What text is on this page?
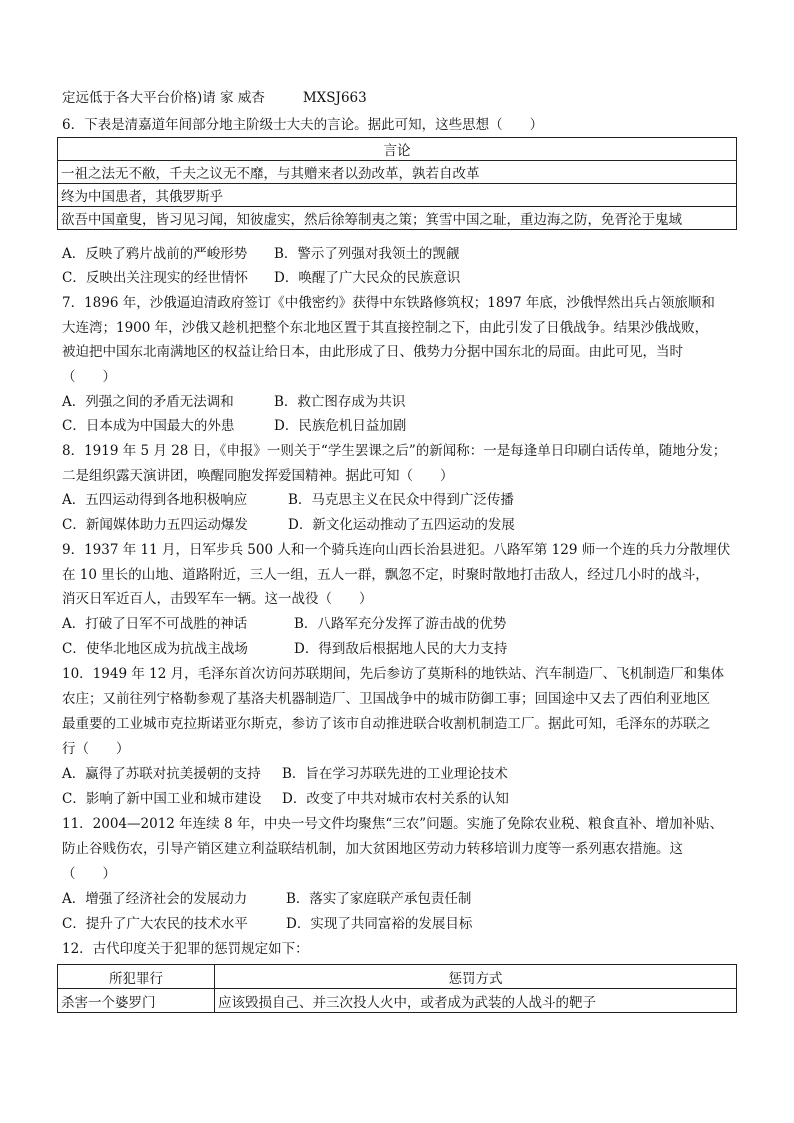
定远低于各大平台价格)请 家 威杏	MXSJ663
6．下表是清嘉道年间部分地主阶级士大夫的言论。据此可知，这些思想（　　）
言论
一祖之法无不敝，千夫之议无不靡，与其赠来者以劲改革，孰若自改革
终为中国患者，其俄罗斯乎
欲吾中国童叟，皆习见习闻，知彼虚实，然后徐筹制夷之策；箕雪中国之耻，重边海之防，免胥沦于鬼域
A．反映了鸦片战前的严峻形势 B．警示了列强对我领土的觊觎
C．反映出关注现实的经世情怀 D．唤醒了广大民众的民族意识
7．1896 年，沙俄逼迫清政府签订《中俄密约》获得中东铁路修筑权；1897 年底，沙俄悍然出兵占领旅顺和
大连湾；1900 年，沙俄又趁机把整个东北地区置于其直接控制之下，由此引发了日俄战争。结果沙俄战败，
被迫把中国东北南满地区的权益让给日本，由此形成了日、俄势力分据中国东北的局面。由此可见，当时
（　　）
A．列强之间的矛盾无法调和	B．救亡图存成为共识
C．日本成为中国最大的外患	D．民族危机日益加剧
8．1919 年 5 月 28 日，《申报》一则关于“学生罢课之后”的新闻称：一是每逢单日印刷白话传单，随地分发；
二是组织露天演讲团，唤醒同胞发挥爱国精神。据此可知（　　）
A．五四运动得到各地积极响应	B．马克思主义在民众中得到广泛传播
C．新闻媒体助力五四运动爆发	D．新文化运动推动了五四运动的发展
9．1937 年 11 月，日军步兵 500 人和一个骑兵连向山西长治县进犯。八路军第 129 师一个连的兵力分散埋伏
在 10 里长的山地、道路附近，三人一组，五人一群，飘忽不定，时聚时散地打击敌人，经过几小时的战斗，
消灭日军近百人，击毁军车一辆。这一战役（　　）
A．打破了日军不可战胜的神话	B．八路军充分发挥了游击战的优势
C．使华北地区成为抗战主战场	D．得到敌后根据地人民的大力支持
10．1949 年 12 月，毛泽东首次访问苏联期间，先后参访了莫斯科的地铁站、汽车制造厂、飞机制造厂和集体
农庄；又前往列宁格勒参观了基洛夫机器制造厂、卫国战争中的城市防御工事；回国途中又去了西伯利亚地区
最重要的工业城市克拉斯诺亚尔斯克，参访了该市自动推进联合收割机制造工厂。据此可知，毛泽东的苏联之
行（　　）
A．赢得了苏联对抗美援朝的支持 B．旨在学习苏联先进的工业理论技术
C．影响了新中国工业和城市建设 D．改变了中共对城市农村关系的认知
11．2004—2012 年连续 8 年，中央一号文件均聚焦“三农”问题。实施了免除农业税、粮食直补、增加补贴、
防止谷贱伤农，引导产销区建立利益联结机制，加大贫困地区劳动力转移培训力度等一系列惠农措施。这
（　　）
A．增强了经济社会的发展动力	B．落实了家庭联产承包责任制
C．提升了广大农民的技术水平	D．实现了共同富裕的发展目标
12．古代印度关于犯罪的惩罚规定如下：
所犯罪行	惩罚方式
杀害一个婆罗门	应该毁损自己、并三次投人火中，或者成为武装的人战斗的靶子
